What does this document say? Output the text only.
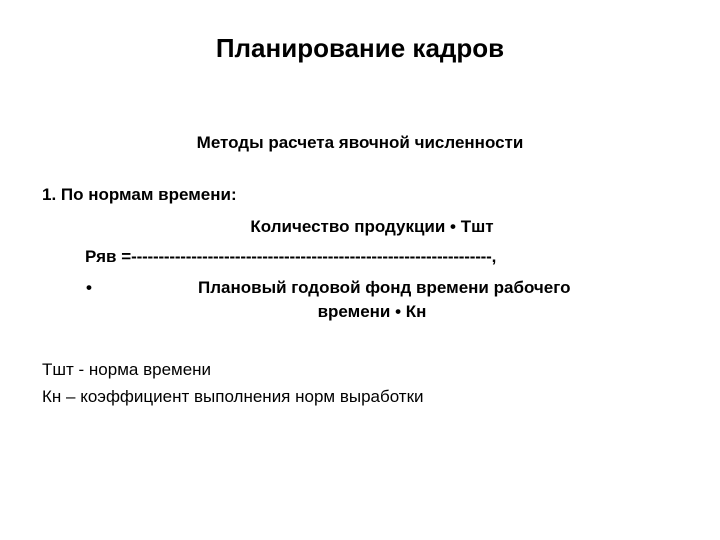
Планирование кадров
Методы расчета явочной численности
1. По нормам времени:
Количество продукции • Тшт
Ряв =------------------------------------------------------------------,
•	Плановый годовой фонд времени рабочего
времени • Кн
Тшт - норма времени
Кн – коэффициент выполнения норм выработки
